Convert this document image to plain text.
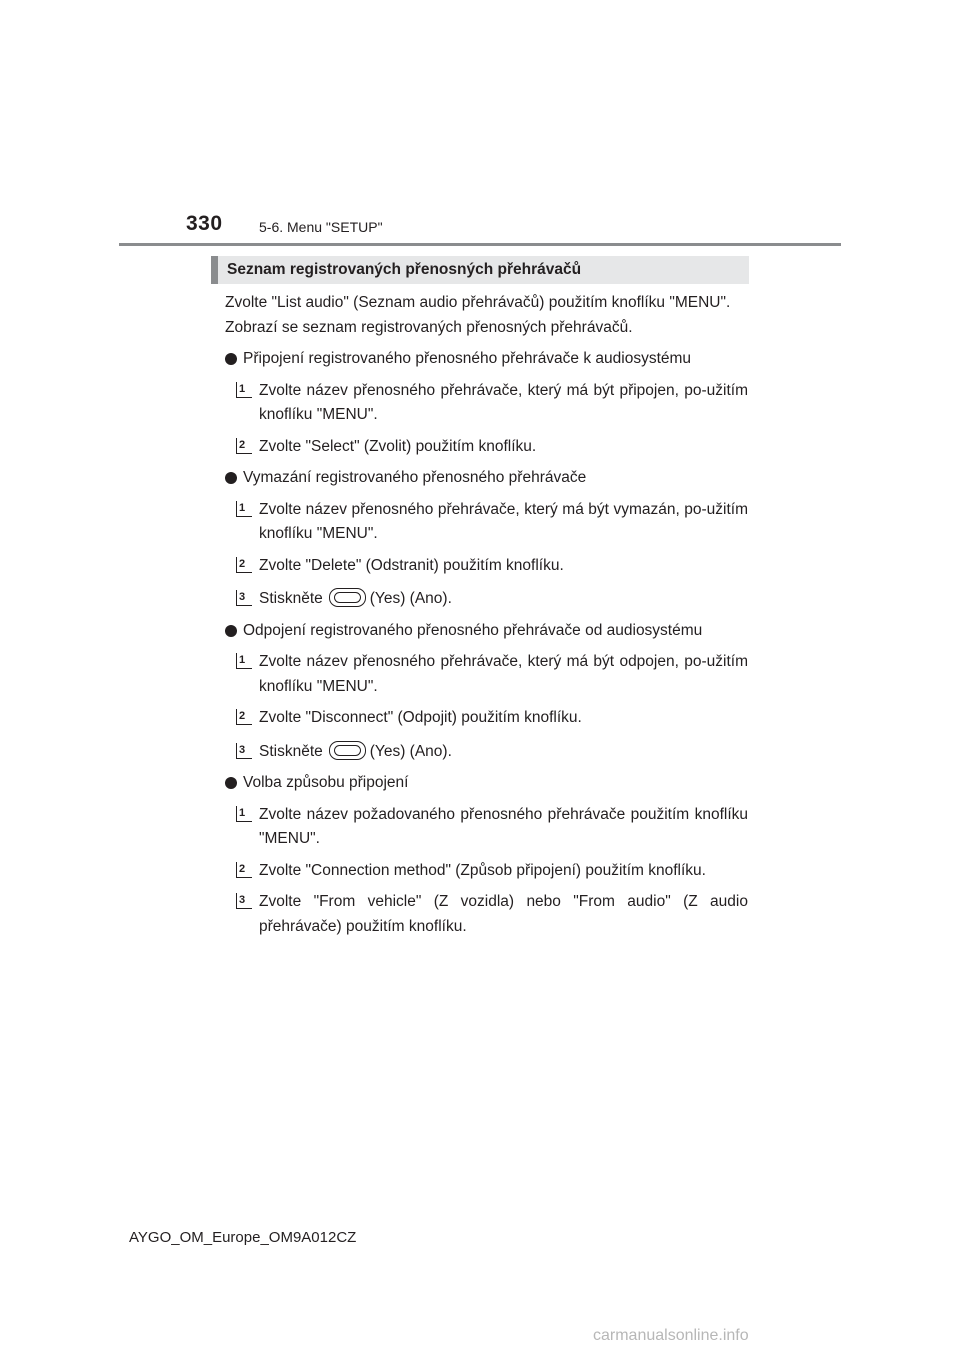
330	5-6. Menu "SETUP"
Seznam registrovaných přenosných přehrávačů

Zvolte "List audio" (Seznam audio přehrávačů) použitím knoflíku "MENU".

Zobrazí se seznam registrovaných přenosných přehrávačů.

Připojení registrovaného přenosného přehrávače k audiosystému
1 Zvolte název přenosného přehrávače, který má být připojen, po-užitím knoflíku "MENU".
2 Zvolte "Select" (Zvolit) použitím knoflíku.
Vymazání registrovaného přenosného přehrávače
1 Zvolte název přenosného přehrávače, který má být vymazán, po-užitím knoflíku "MENU".
2 Zvolte "Delete" (Odstranit) použitím knoflíku.
3 Stiskněte	(Yes) (Ano).
Odpojení registrovaného přenosného přehrávače od audiosystému
1 Zvolte název přenosného přehrávače, který má být odpojen, po-užitím knoflíku "MENU".
2 Zvolte "Disconnect" (Odpojit) použitím knoflíku.
3 Stiskněte	(Yes) (Ano).
Volba způsobu připojení
1 Zvolte název požadovaného přenosného přehrávače použitím knoflíku "MENU".
2 Zvolte "Connection method" (Způsob připojení) použitím knoflíku.
3 Zvolte "From vehicle" (Z vozidla) nebo "From audio" (Z audio přehrávače) použitím knoflíku.
AYGO_OM_Europe_OM9A012CZ
carmanualsonline.info
